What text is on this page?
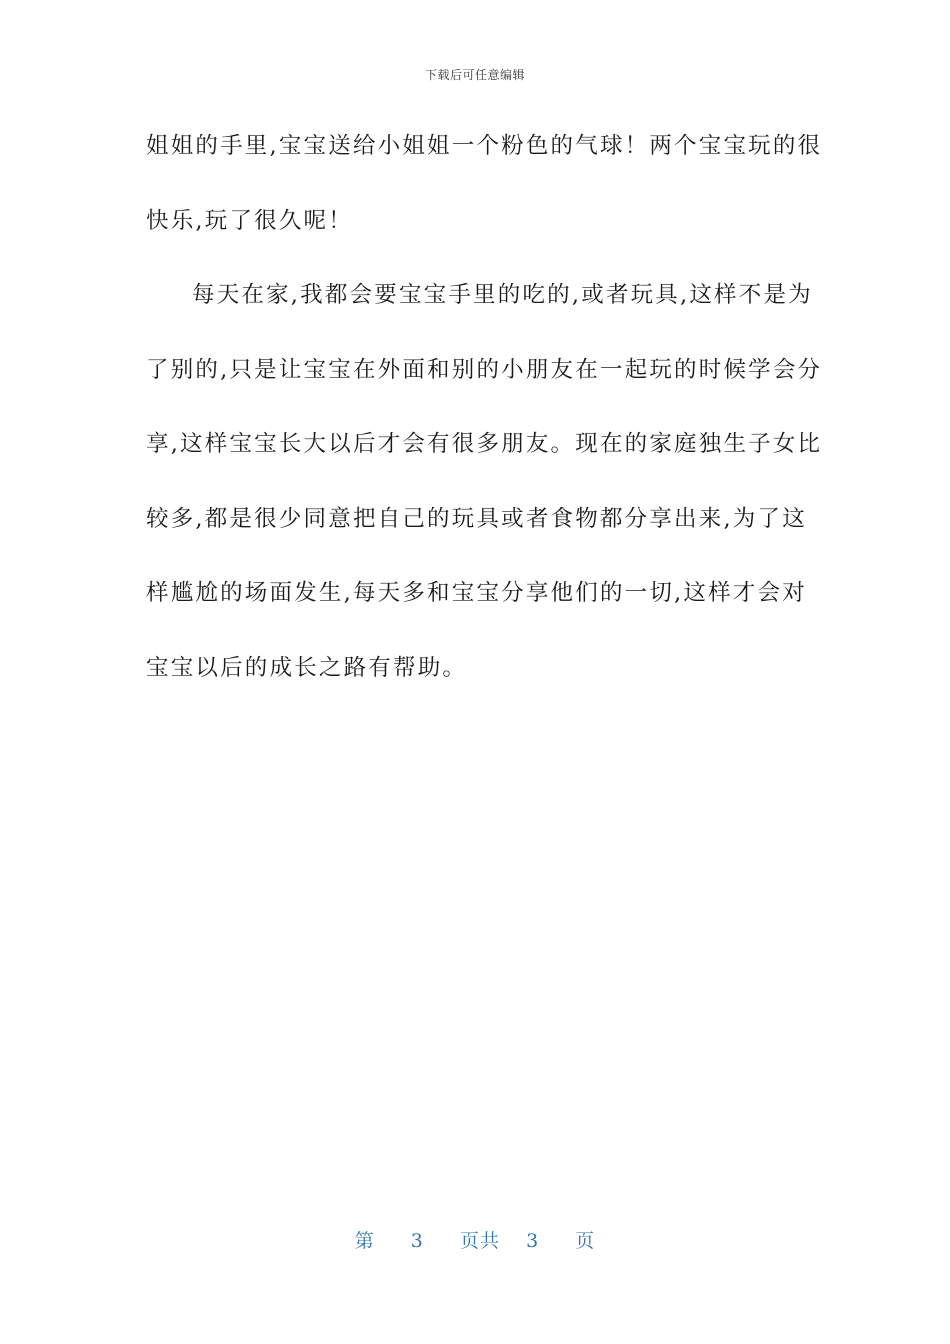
下载后可任意编辑
姐姐的手里,宝宝送给小姐姐一个粉色的气球！两个宝宝玩的很
快乐,玩了很久呢！
每天在家,我都会要宝宝手里的吃的,或者玩具,这样不是为
了别的,只是让宝宝在外面和别的小朋友在一起玩的时候学会分
享,这样宝宝长大以后才会有很多朋友。现在的家庭独生子女比
较多,都是很少同意把自己的玩具或者食物都分享出来,为了这
样尴尬的场面发生,每天多和宝宝分享他们的一切,这样才会对
宝宝以后的成长之路有帮助。
第 3 页共 3 页
